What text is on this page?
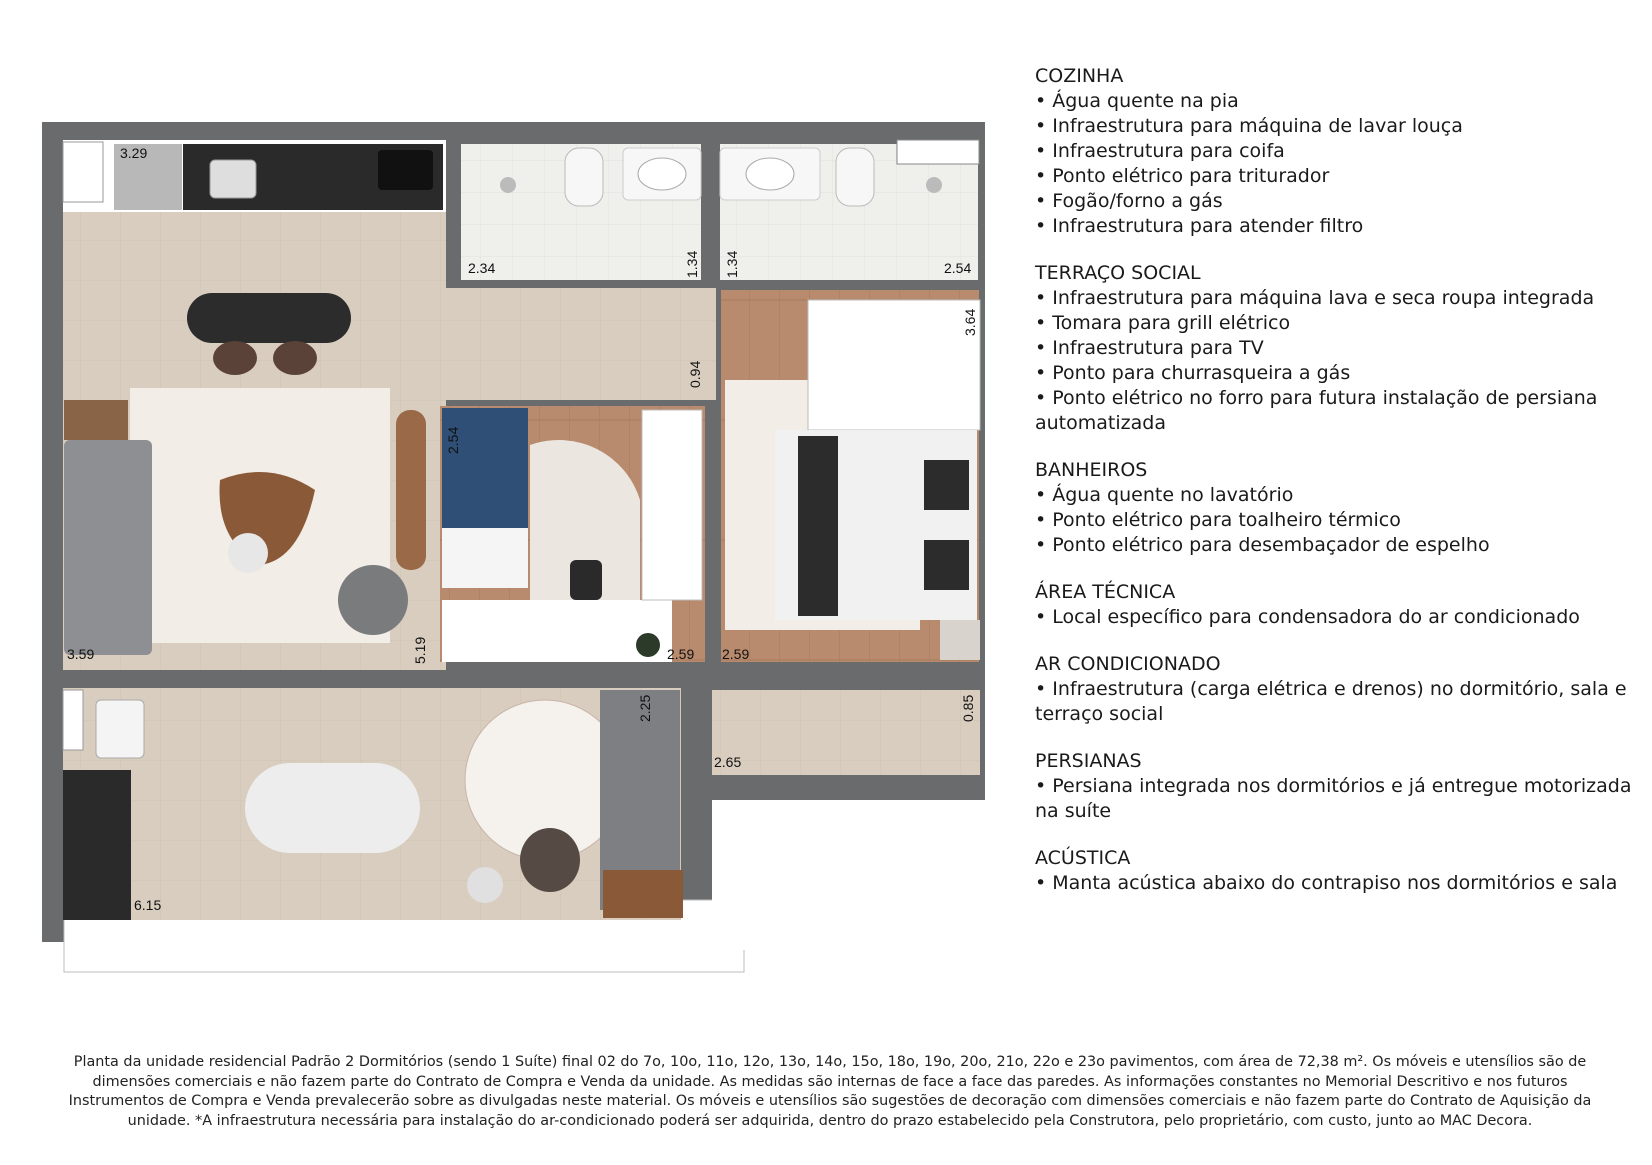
3.29
2.34	1.34 1.34	2.54
3.64
0.94
2.54
3.59	5.19	2.59 2.59
2.25	0.85
2.65
6.15
COZINHA
• Água quente na pia
• Infraestrutura para máquina de lavar louça
• Infraestrutura para coifa
• Ponto elétrico para triturador
• Fogão/forno a gás
• Infraestrutura para atender filtro
TERRAÇO SOCIAL
• Infraestrutura para máquina lava e seca roupa integrada
• Tomara para grill elétrico
• Infraestrutura para TV
• Ponto para churrasqueira a gás
• Ponto elétrico no forro para futura instalação de persiana automatizada
BANHEIROS
• Água quente no lavatório
• Ponto elétrico para toalheiro térmico
• Ponto elétrico para desembaçador de espelho
ÁREA TÉCNICA
• Local específico para condensadora do ar condicionado
AR CONDICIONADO
• Infraestrutura (carga elétrica e drenos) no dormitório, sala e terraço social
PERSIANAS
• Persiana integrada nos dormitórios e já entregue motorizada na suíte
ACÚSTICA
• Manta acústica abaixo do contrapiso nos dormitórios e sala
Planta da unidade residencial Padrão 2 Dormitórios (sendo 1 Suíte) final 02 do 7o, 10o, 11o, 12o, 13o, 14o, 15o, 18o, 19o, 20o, 21o, 22o e 23o pavimentos, com área de 72,38 m². Os móveis e utensílios são de dimensões comerciais e não fazem parte do Contrato de Compra e Venda da unidade. As medidas são internas de face a face das paredes. As informações constantes no Memorial Descritivo e nos futuros Instrumentos de Compra e Venda prevalecerão sobre as divulgadas neste material. Os móveis e utensílios são sugestões de decoração com dimensões comerciais e não fazem parte do Contrato de Aquisição da unidade. *A infraestrutura necessária para instalação do ar-condicionado poderá ser adquirida, dentro do prazo estabelecido pela Construtora, pelo proprietário, com custo, junto ao MAC Decora.
